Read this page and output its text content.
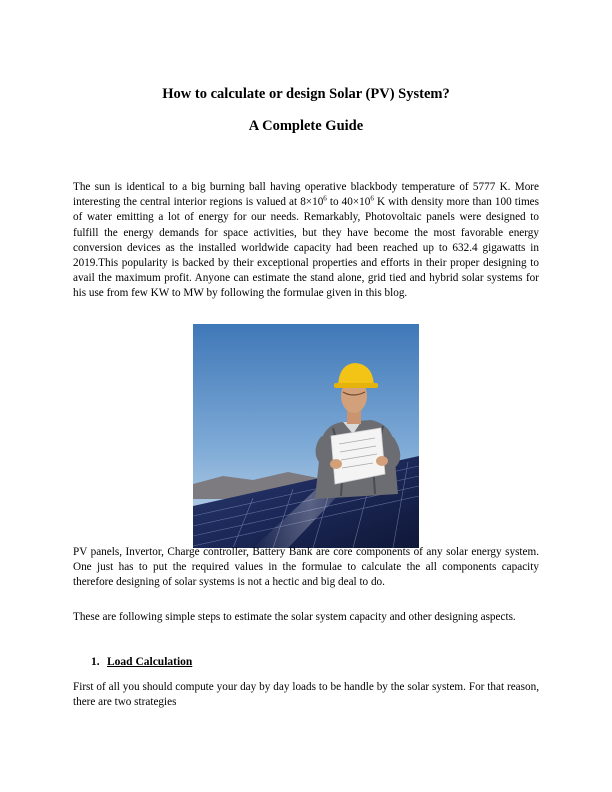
How to calculate or design Solar (PV) System?
A Complete Guide

The sun is identical to a big burning ball having operative blackbody temperature of 5777 K. More interesting the central interior regions is valued at $8\times 10^6$ to $40\times 10^6$ K with density more than 100 times of water emitting a lot of energy for our needs. Remarkably, Photovoltaic panels were designed to fulfill the energy demands for space activities, but they have become the most favorable energy conversion devices as the installed worldwide capacity had been reached up to 632.4 gigawatts in 2019.This popularity is backed by their exceptional properties and efforts in their proper designing to avail the maximum profit. Anyone can estimate the stand alone, grid tied and hybrid solar systems for his use from few KW to MW by following the formulae given in this blog.

PV panels, Invertor, Charge controller, Battery Bank are core components of any solar energy system. One just has to put the required values in the formulae to calculate the all components capacity therefore designing of solar systems is not a hectic and big deal to do.

These are following simple steps to estimate the solar system capacity and other designing aspects.

1. Load Calculation

First of all you should compute your day by day loads to be handle by the solar system. For that reason, there are two strategies
